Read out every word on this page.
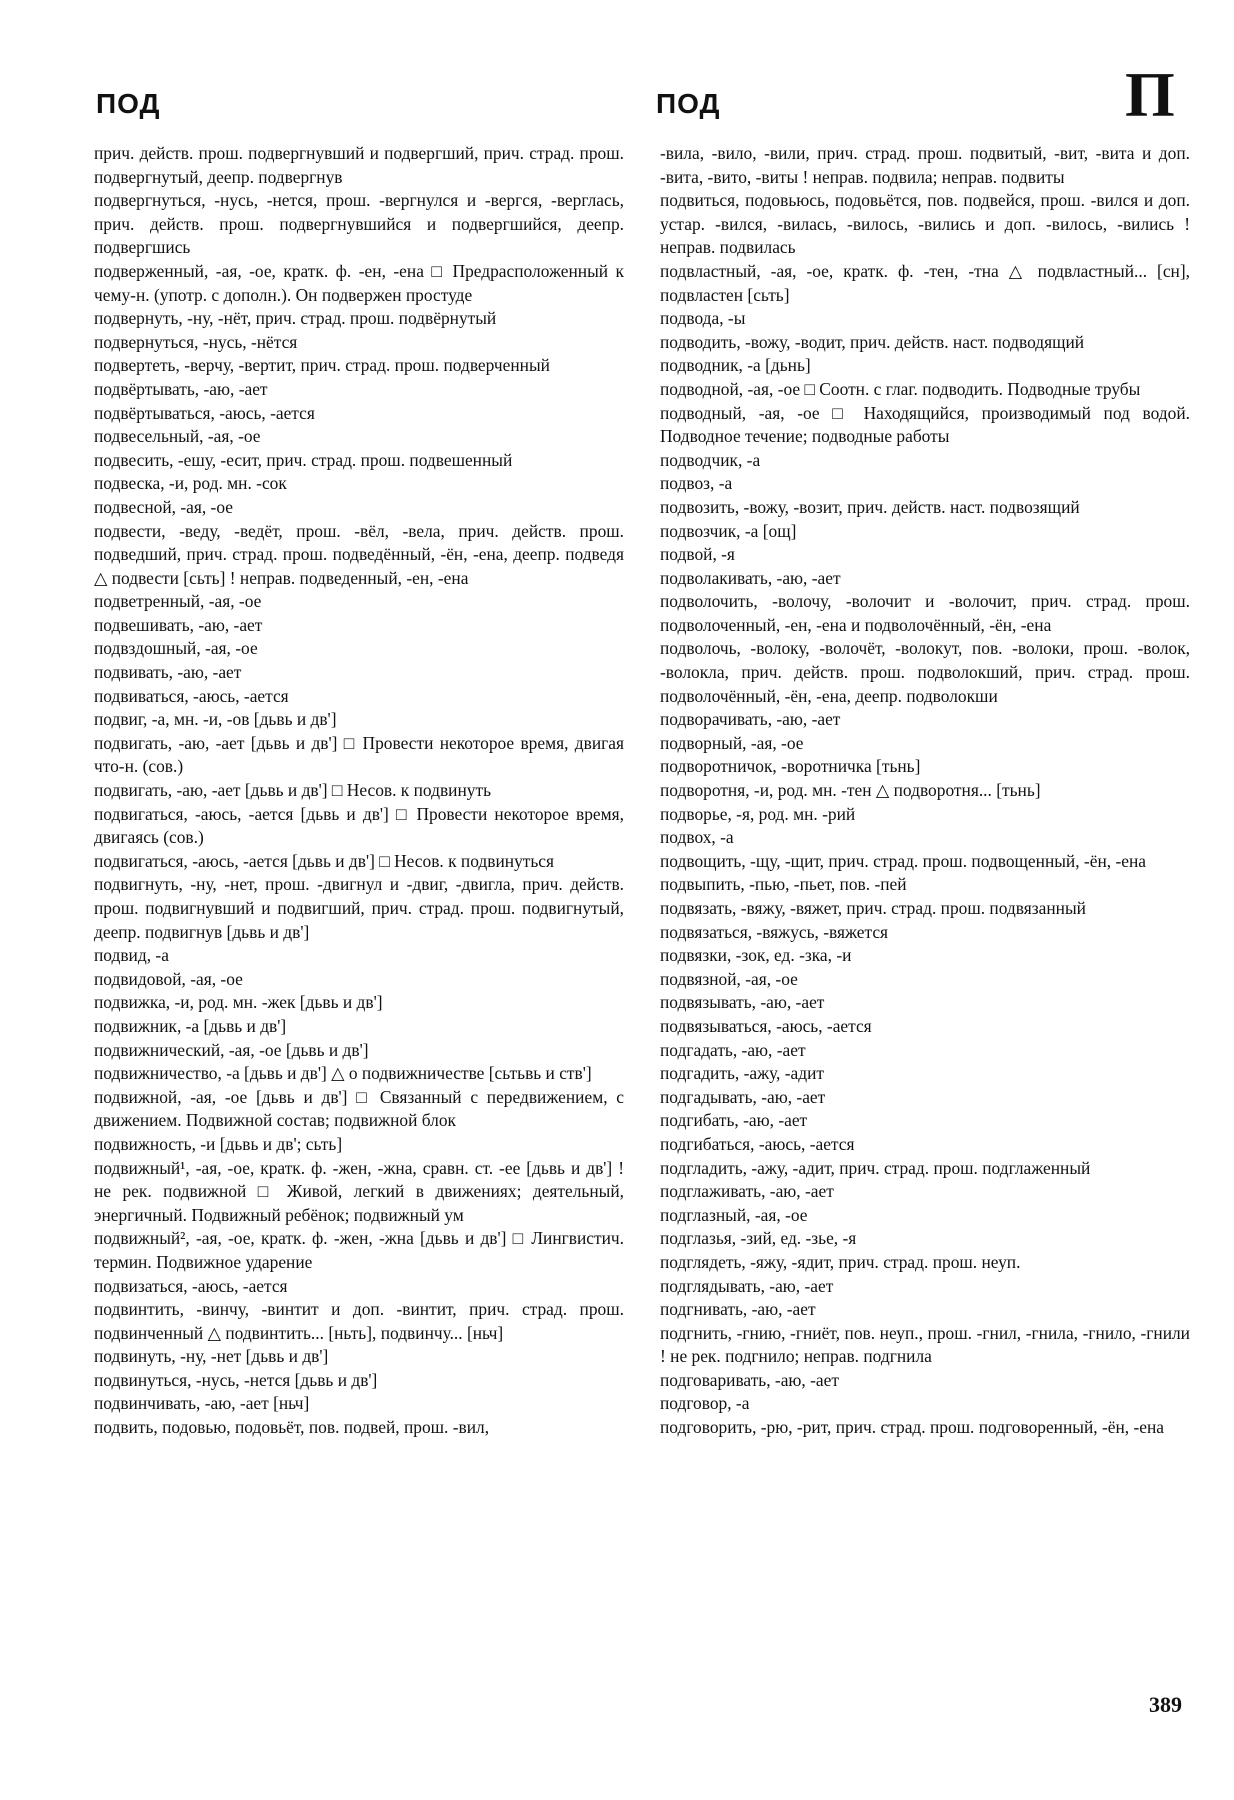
ПОД	ПОД	П

прич. действ. прош. подвергнувший и подвергший, прич. страд. прош. подвергнутый, деепр. подвергнув

подвергнуться, -нусь, -нется, прош. -вергнулся и -вергся, -верглась, прич. действ. прош. подвергнувшийся и подвергшийся, деепр. подвергшись

подверженный, -ая, -ое, кратк. ф. -ен, -ена □ Предрасположенный к чему-н. (употр. с дополн.). Он подвержен простуде

подвернуть, -ну, -нёт, прич. страд. прош. подвёрнутый

подвернуться, -нусь, -нётся

подвертеть, -верчу, -вертит, прич. страд. прош. подверченный

подвёртывать, -аю, -ает

подвёртываться, -аюсь, -ается

подвесельный, -ая, -ое

подвесить, -ешу, -есит, прич. страд. прош. подвешенный

подвеска, -и, род. мн. -сок

подвесной, -ая, -ое

подвести, -веду, -ведёт, прош. -вёл, -вела, прич. действ. прош. подведший, прич. страд. прош. подведённый, -ён, -ена, деепр. подведя △ подвести [сьть] ! неправ. подведенный, -ен, -ена

подветренный, -ая, -ое

подвешивать, -аю, -ает

подвздошный, -ая, -ое

подвивать, -аю, -ает

подвиваться, -аюсь, -ается

подвиг, -а, мн. -и, -ов [дьвь и дв']

подвигать, -аю, -ает [дьвь и дв'] □ Провести некоторое время, двигая что-н. (сов.)

подвигать, -аю, -ает [дьвь и дв'] □ Несов. к подвинуть

подвигаться, -аюсь, -ается [дьвь и дв'] □ Провести некоторое время, двигаясь (сов.)

подвигаться, -аюсь, -ается [дьвь и дв'] □ Несов. к подвинуться

подвигнуть, -ну, -нет, прош. -двигнул и -двиг, -двигла, прич. действ. прош. подвигнувший и подвигший, прич. страд. прош. подвигнутый, деепр. подвигнув [дьвь и дв']

подвид, -а

подвидовой, -ая, -ое

подвижка, -и, род. мн. -жек [дьвь и дв']

подвижник, -а [дьвь и дв']

подвижнический, -ая, -ое [дьвь и дв']

подвижничество, -а [дьвь и дв'] △ о подвижничестве [сьтьвь и ств']

подвижной, -ая, -ое [дьвь и дв'] □ Связанный с передвижением, с движением. Подвижной состав; подвижной блок

подвижность, -и [дьвь и дв'; сьть]

подвижный¹, -ая, -ое, кратк. ф. -жен, -жна, сравн. ст. -ее [дьвь и дв'] ! не рек. подвижной □ Живой, легкий в движениях; деятельный, энергичный. Подвижный ребёнок; подвижный ум

подвижный², -ая, -ое, кратк. ф. -жен, -жна [дьвь и дв'] □ Лингвистич. термин. Подвижное ударение

подвизаться, -аюсь, -ается

подвинтить, -винчу, -винтит и доп. -винтит, прич. страд. прош. подвинченный △ подвинтить... [ньть], подвинчу... [ньч]

подвинуть, -ну, -нет [дьвь и дв']

подвинуться, -нусь, -нется [дьвь и дв']

подвинчивать, -аю, -ает [ньч]

подвить, подовью, подовьёт, пов. подвей, прош. -вил,

-вила, -вило, -вили, прич. страд. прош. подвитый, -вит, -вита и доп. -вита, -вито, -виты ! неправ. подвила; неправ. подвиты

подвиться, подовьюсь, подовьётся, пов. подвейся, прош. -вился и доп. устар. -вился, -вилась, -вилось, -вились и доп. -вилось, -вились ! неправ. подвилась

подвластный, -ая, -ое, кратк. ф. -тен, -тна △ подвластный... [сн], подвластен [сьть]

подвода, -ы

подводить, -вожу, -водит, прич. действ. наст. подводящий

подводник, -а [дьнь]

подводной, -ая, -ое □ Соотн. с глаг. подводить. Подводные трубы

подводный, -ая, -ое □ Находящийся, производимый под водой. Подводное течение; подводные работы

подводчик, -а

подвоз, -а

подвозить, -вожу, -возит, прич. действ. наст. подвозящий

подвозчик, -а [ощ]

подвой, -я

подволакивать, -аю, -ает

подволочить, -волочу, -волочит и -волочит, прич. страд. прош. подволоченный, -ен, -ена и подволочённый, -ён, -ена

подволочь, -волоку, -волочёт, -волокут, пов. -волоки, прош. -волок, -волокла, прич. действ. прош. подволокший, прич. страд. прош. подволочённый, -ён, -ена, деепр. подволокши

подворачивать, -аю, -ает

подворный, -ая, -ое

подворотничок, -воротничка [тьнь]

подворотня, -и, род. мн. -тен △ подворотня... [тьнь]

подворье, -я, род. мн. -рий

подвох, -а

подвощить, -щу, -щит, прич. страд. прош. подвощенный, -ён, -ена

подвыпить, -пью, -пьет, пов. -пей

подвязать, -вяжу, -вяжет, прич. страд. прош. подвязанный

подвязаться, -вяжусь, -вяжется

подвязки, -зок, ед. -зка, -и

подвязной, -ая, -ое

подвязывать, -аю, -ает

подвязываться, -аюсь, -ается

подгадать, -аю, -ает

подгадить, -ажу, -адит

подгадывать, -аю, -ает

подгибать, -аю, -ает

подгибаться, -аюсь, -ается

подгладить, -ажу, -адит, прич. страд. прош. подглаженный

подглаживать, -аю, -ает

подглазный, -ая, -ое

подглазья, -зий, ед. -зье, -я

подглядеть, -яжу, -ядит, прич. страд. прош. неуп.

подглядывать, -аю, -ает

подгнивать, -аю, -ает

подгнить, -гнию, -гниёт, пов. неуп., прош. -гнил, -гнила, -гнило, -гнили ! не рек. подгнило; неправ. подгнила

подговаривать, -аю, -ает

подговор, -а

подговорить, -рю, -рит, прич. страд. прош. подговоренный, -ён, -ена

389
